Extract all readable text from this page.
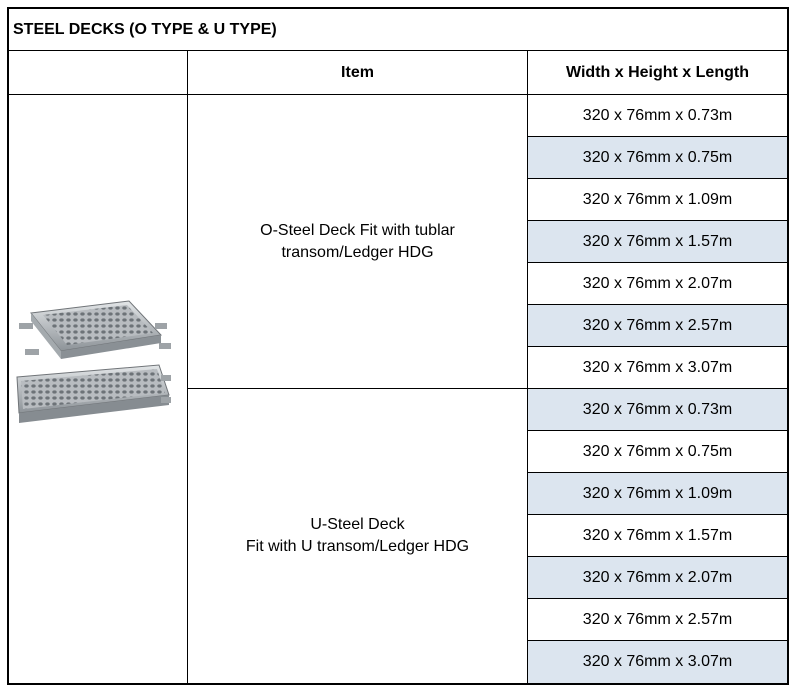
STEEL DECKS (O TYPE & U TYPE)
Item	Width x Height x Length
O-Steel Deck Fit with tublar
transom/Ledger HDG
320 x 76mm x 0.73m
320 x 76mm x 0.75m
320 x 76mm x 1.09m
320 x 76mm x 1.57m
320 x 76mm x 2.07m
320 x 76mm x 2.57m
320 x 76mm x 3.07m
U-Steel Deck
Fit with U transom/Ledger HDG
320 x 76mm x 0.73m
320 x 76mm x 0.75m
320 x 76mm x 1.09m
320 x 76mm x 1.57m
320 x 76mm x 2.07m
320 x 76mm x 2.57m
320 x 76mm x 3.07m
